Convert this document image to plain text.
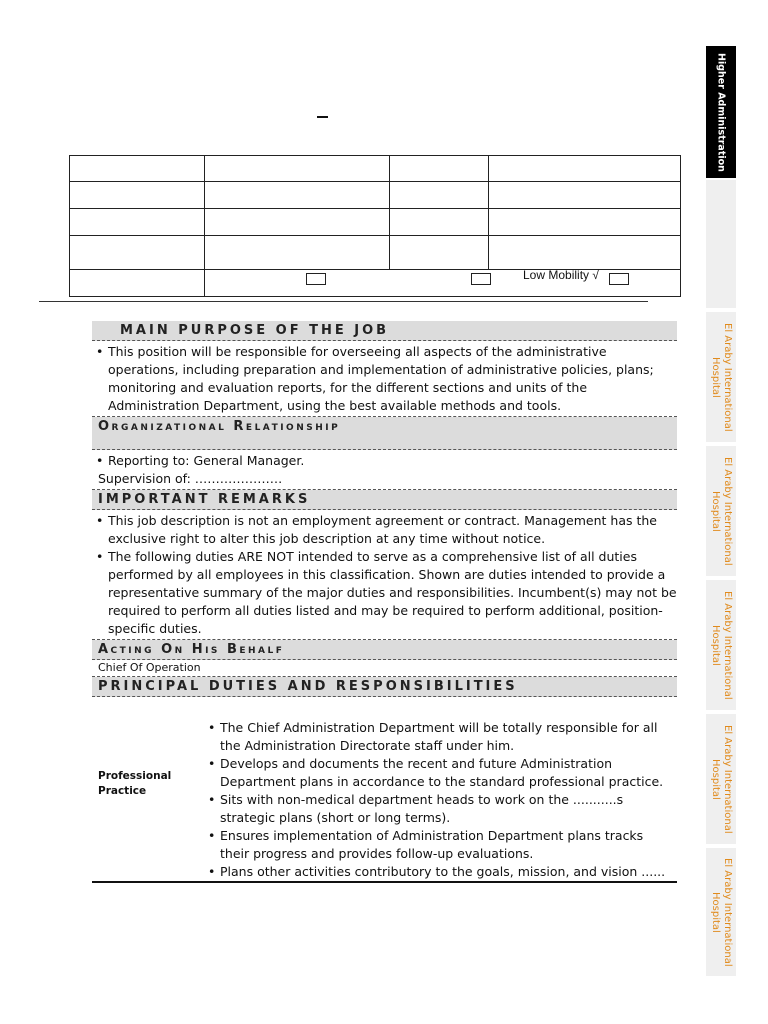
Low Mobility √
MAIN PURPOSE OF THE JOB
• This position will be responsible for overseeing all aspects of the administrative operations, including preparation and implementation of administrative policies, plans; monitoring and evaluation reports, for the different sections and units of the Administration Department, using the best available methods and tools.
Organizational Relationship
• Reporting to: General Manager.
Supervision of: …………………
IMPORTANT REMARKS
• This job description is not an employment agreement or contract. Management has the exclusive right to alter this job description at any time without notice.
• The following duties ARE NOT intended to serve as a comprehensive list of all duties performed by all employees in this classification. Shown are duties intended to provide a representative summary of the major duties and responsibilities. Incumbent(s) may not be required to perform all duties listed and may be required to perform additional, position-specific duties.
Acting On His Behalf
Chief Of Operation
PRINCIPAL DUTIES AND RESPONSIBILITIES
Professional
Practice
• The Chief Administration Department will be totally responsible for all the Administration Directorate staff under him.
• Develops and documents the recent and future Administration Department plans in accordance to the standard professional practice.
• Sits with non-medical department heads to work on the ...........s strategic plans (short or long terms).
• Ensures implementation of Administration Department plans tracks their progress and provides follow-up evaluations.
• Plans other activities contributory to the goals, mission, and vision ......
Higher Administration
El Araby International Hospital
El Araby International Hospital
El Araby International Hospital
El Araby International Hospital
El Araby International Hospital
